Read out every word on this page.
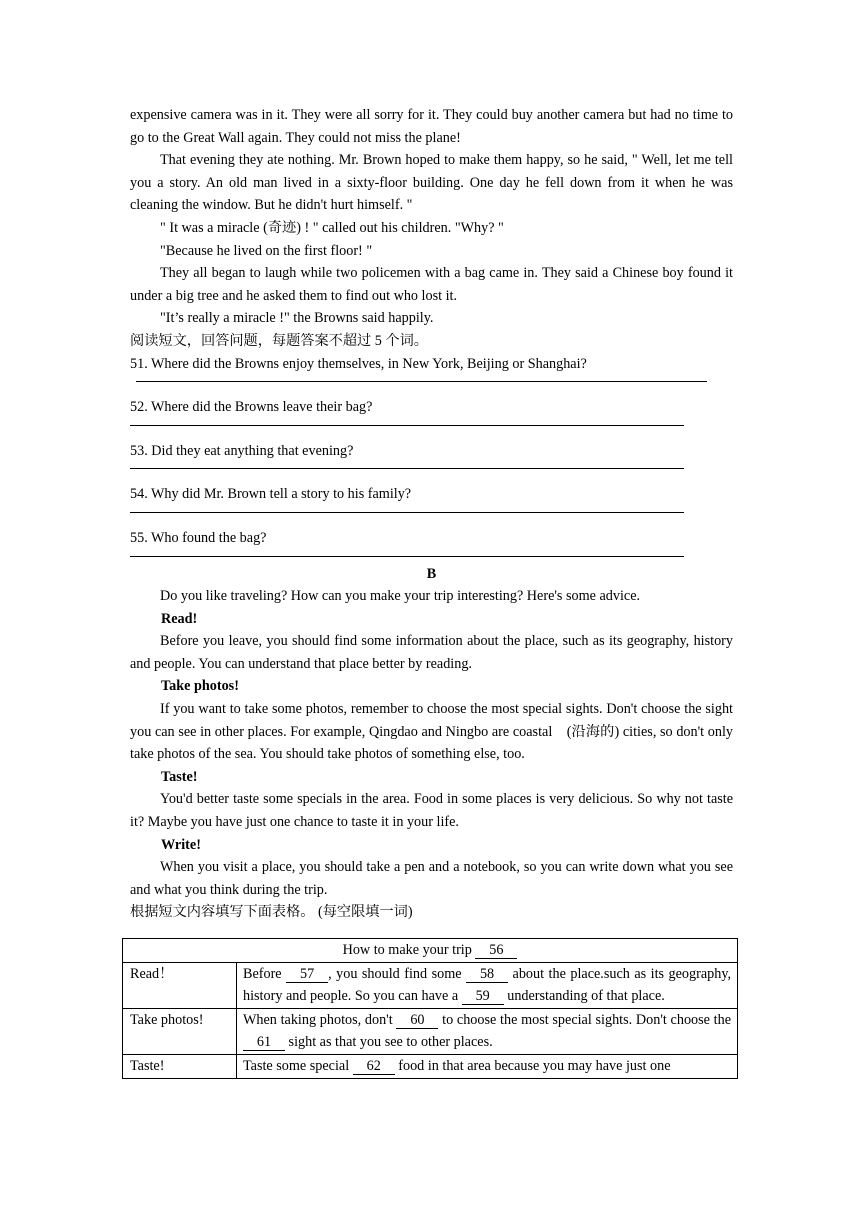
expensive camera was in it. They were all sorry for it. They could buy another camera but had no time to go to the Great Wall again. They could not miss the plane!

That evening they ate nothing. Mr. Brown hoped to make them happy, so he said, " Well, let me tell you a story. An old man lived in a sixty-floor building. One day he fell down from it when he was cleaning the window. But he didn't hurt himself. "

" It was a miracle (奇迹) ! " called out his children. "Why? "

"Because he lived on the first floor! "

They all began to laugh while two policemen with a bag came in. They said a Chinese boy found it under a big tree and he asked them to find out who lost it.

"It’s really a miracle !" the Browns said happily.

阅读短文，回答问题，每题答案不超过 5 个词。

51. Where did the Browns enjoy themselves, in New York, Beijing or Shanghai?

52. Where did the Browns leave their bag?

53. Did they eat anything that evening?

54. Why did Mr. Brown tell a story to his family?

55. Who found the bag?

B

Do you like traveling? How can you make your trip interesting? Here's some advice.

Read!

Before you leave, you should find some information about the place, such as its geography, history and people. You can understand that place better by reading.

Take photos!

If you want to take some photos, remember to choose the most special sights. Don't choose the sight you can see in other places. For example, Qingdao and Ningbo are coastal　(沿海的) cities, so don't only take photos of the sea. You should take photos of something else, too.

Taste!

You'd better taste some specials in the area. Food in some places is very delicious. So why not taste it? Maybe you have just one chance to taste it in your life.

Write!

When you visit a place, you should take a pen and a notebook, so you can write down what you see and what you think during the trip.

根据短文内容填写下面表格。 (每空限填一词)

How to make your trip 56	
Read！	Before 57 , you should find some 58 about the place.such as its geography, history and people. So you can have a 59 understanding of that place.
Take photos!	When taking photos, don't 60 to choose the most special sights. Don't choose the 61 sight as that you see to other places.
Taste!	Taste some special 62 food in that area because you may have just one
